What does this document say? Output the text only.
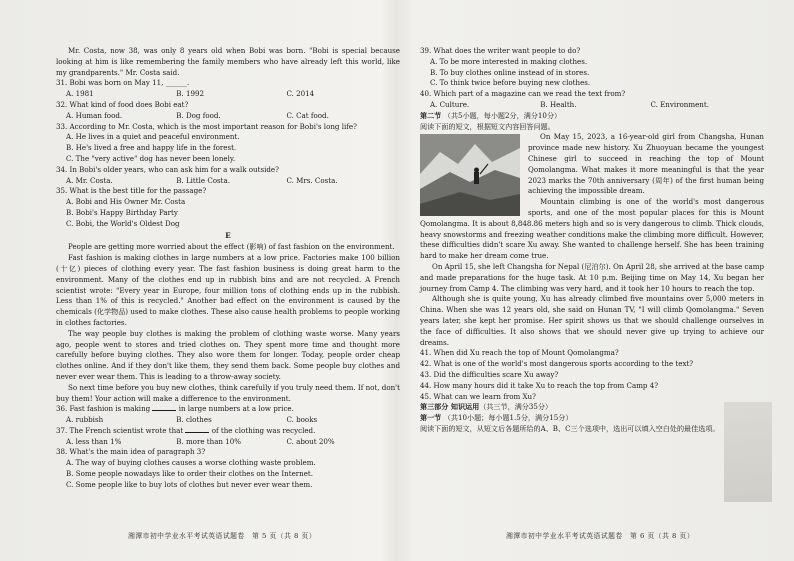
Mr. Costa, now 38, was only 8 years old when Bobi was born. "Bobi is special because looking at him is like remembering the family members who have already left this world, like my grandparents." Mr. Costa said.

31. Bobi was born on May 11, ______.
A. 1981	B. 1992	C. 2014
32. What kind of food does Bobi eat?
A. Human food.	B. Dog food.	C. Cat food.
33. According to Mr. Costa, which is the most important reason for Bobi's long life?
A. He lives in a quiet and peaceful environment.
B. He's lived a free and happy life in the forest.
C. The "very active" dog has never been lonely.
34. In Bobi's older years, who can ask him for a walk outside?
A. Mr. Costa.	B. Little Costa.	C. Mrs. Costa.
35. What is the best title for the passage?
A. Bobi and His Owner Mr. Costa
B. Bobi's Happy Birthday Party
C. Bobi, the World's Oldest Dog
E

People are getting more worried about the effect (影响) of fast fashion on the environment.

Fast fashion is making clothes in large numbers at a low price. Factories make 100 billion (十亿) pieces of clothing every year. The fast fashion business is doing great harm to the environment. Many of the clothes end up in rubbish bins and are not recycled. A French scientist wrote: "Every year in Europe, four million tons of clothing ends up in the rubbish. Less than 1% of this is recycled." Another bad effect on the environment is caused by the chemicals (化学物品) used to make clothes. These also cause health problems to people working in clothes factories.

The way people buy clothes is making the problem of clothing waste worse. Many years ago, people went to stores and tried clothes on. They spent more time and thought more carefully before buying clothes. They also wore them for longer. Today, people order cheap clothes online. And if they don't like them, they send them back. Some people buy clothes and never ever wear them. This is leading to a throw-away society.

So next time before you buy new clothes, think carefully if you truly need them. If not, don't buy them! Your action will make a difference to the environment.

36. Fast fashion is making	in large numbers at a low price.
A. rubbish	B. clothes	C. books
37. The French scientist wrote that	of the clothing was recycled.
A. less than 1%	B. more than 10%	C. about 20%
38. What's the main idea of paragraph 3?
A. The way of buying clothes causes a worse clothing waste problem.
B. Some people nowadays like to order their clothes on the Internet.
C. Some people like to buy lots of clothes but never ever wear them.
39. What does the writer want people to do?
A. To be more interested in making clothes.
B. To buy clothes online instead of in stores.
C. To think twice before buying new clothes.
40. Which part of a magazine can we read the text from?
A. Culture.	B. Health.	C. Environment.
第二节 （共5小题，每小题2分，满分10分）
阅读下面的短文，根据短文内容回答问题。

On May 15, 2023, a 16-year-old girl from Changsha, Hunan province made new history. Xu Zhuoyuan became the youngest Chinese girl to succeed in reaching the top of Mount Qomolangma. What makes it more meaningful is that the year 2023 marks the 70th anniversary (周年) of the first human being achieving the impossible dream.

Mountain climbing is one of the world's most dangerous sports, and one of the most popular places for this is Mount Qomolangma. It is about 8,848.86 meters high and so is very dangerous to climb. Thick clouds, heavy snowstorms and freezing weather conditions make the climbing more difficult. However, these difficulties didn't scare Xu away. She wanted to challenge herself. She has been training hard to make her dream come true.

On April 15, she left Changsha for Nepal (尼泊尔). On April 28, she arrived at the base camp and made preparations for the huge task. At 10 p.m. Beijing time on May 14, Xu began her journey from Camp 4. The climbing was very hard, and it took her 10 hours to reach the top.

Although she is quite young, Xu has already climbed five mountains over 5,000 meters in China. When she was 12 years old, she said on Hunan TV, "I will climb Qomolangma." Seven years later, she kept her promise. Her spirit shows us that we should challenge ourselves in the face of difficulties. It also shows that we should never give up trying to achieve our dreams.

41. When did Xu reach the top of Mount Qomolangma?
42. What is one of the world's most dangerous sports according to the text?
43. Did the difficulties scare Xu away?
44. How many hours did it take Xu to reach the top from Camp 4?
45. What can we learn from Xu?
第三部分 知识运用（共三节，满分35分）
第一节 （共10小题；每小题1.5分，满分15分）
阅读下面的短文，从短文后各题所给的A、B、C三个选项中，选出可以填入空白处的最佳选项。
湘潭市初中学业水平考试英语试题卷　第 5 页（共 8 页）	湘潭市初中学业水平考试英语试题卷　第 6 页（共 8 页）
